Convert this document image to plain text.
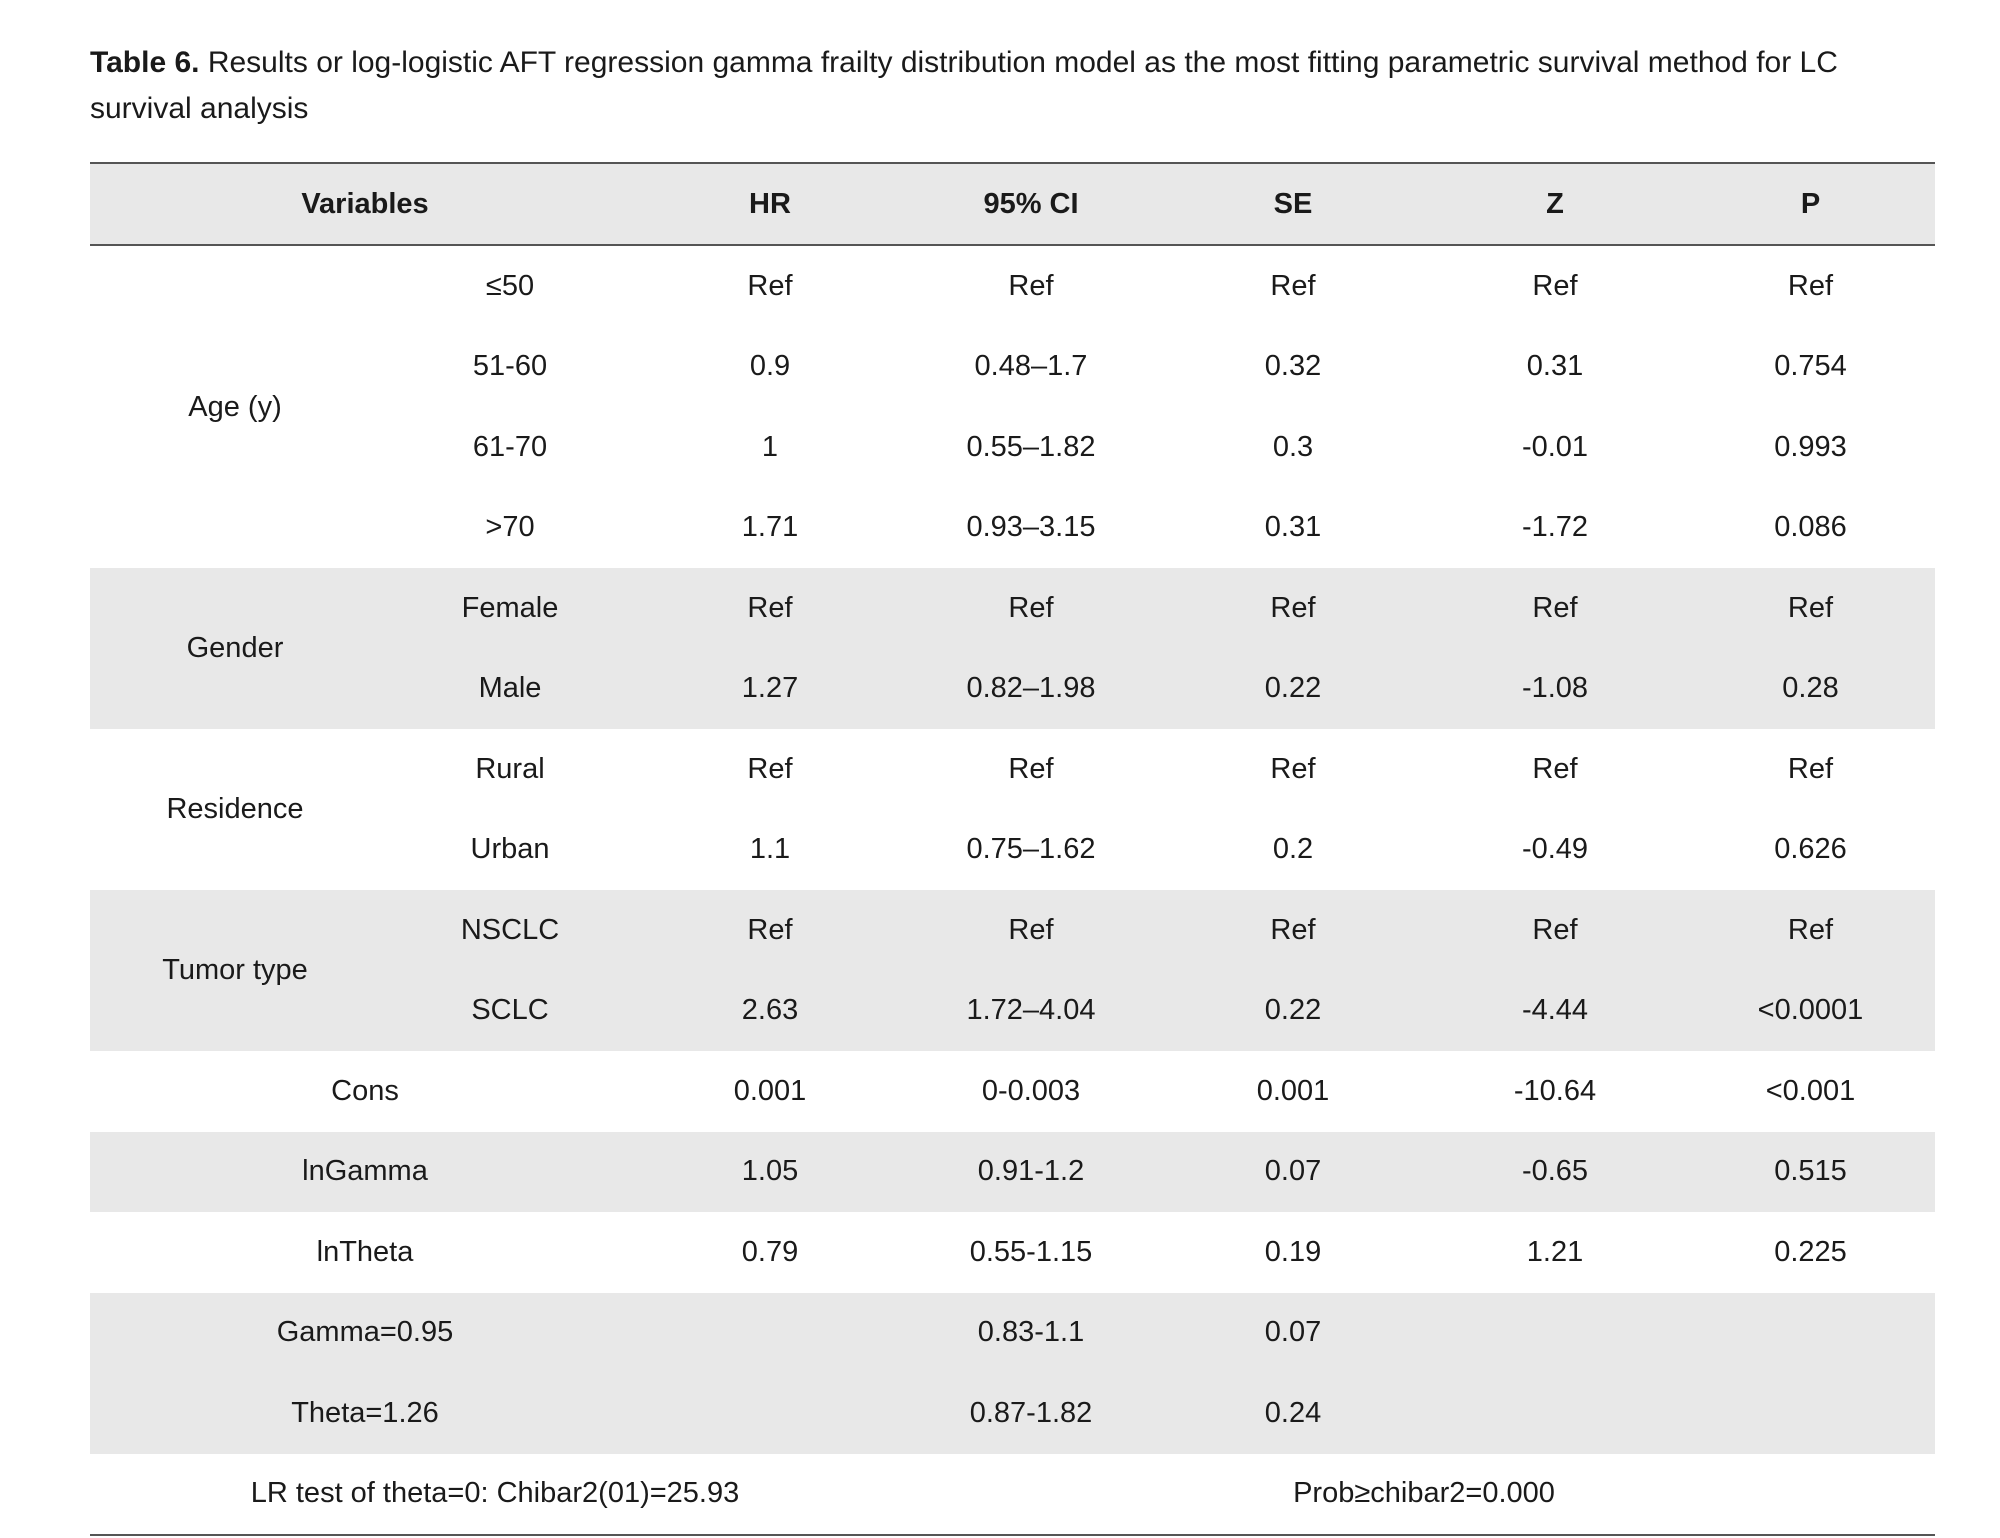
Table 6. Results or log-logistic AFT regression gamma frailty distribution model as the most fitting parametric survival method for LC survival analysis
Variables		HR	95% CI	SE	Z	P
Age (y)	≤50	Ref	Ref	Ref	Ref	Ref
	51-60	0.9	0.48–1.7	0.32	0.31	0.754
	61-70	1	0.55–1.82	0.3	-0.01	0.993
	>70	1.71	0.93–3.15	0.31	-1.72	0.086
Gender	Female	Ref	Ref	Ref	Ref	Ref
	Male	1.27	0.82–1.98	0.22	-1.08	0.28
Residence	Rural	Ref	Ref	Ref	Ref	Ref
	Urban	1.1	0.75–1.62	0.2	-0.49	0.626
Tumor type	NSCLC	Ref	Ref	Ref	Ref	Ref
	SCLC	2.63	1.72–4.04	0.22	-4.44	<0.0001
Cons		0.001	0-0.003	0.001	-10.64	<0.001
lnGamma		1.05	0.91-1.2	0.07	-0.65	0.515
lnTheta		0.79	0.55-1.15	0.19	1.21	0.225
Gamma=0.95			0.83-1.1	0.07		
Theta=1.26			0.87-1.82	0.24		
LR test of theta=0: Chibar2(01)=25.93				Prob≥chibar2=0.000		
